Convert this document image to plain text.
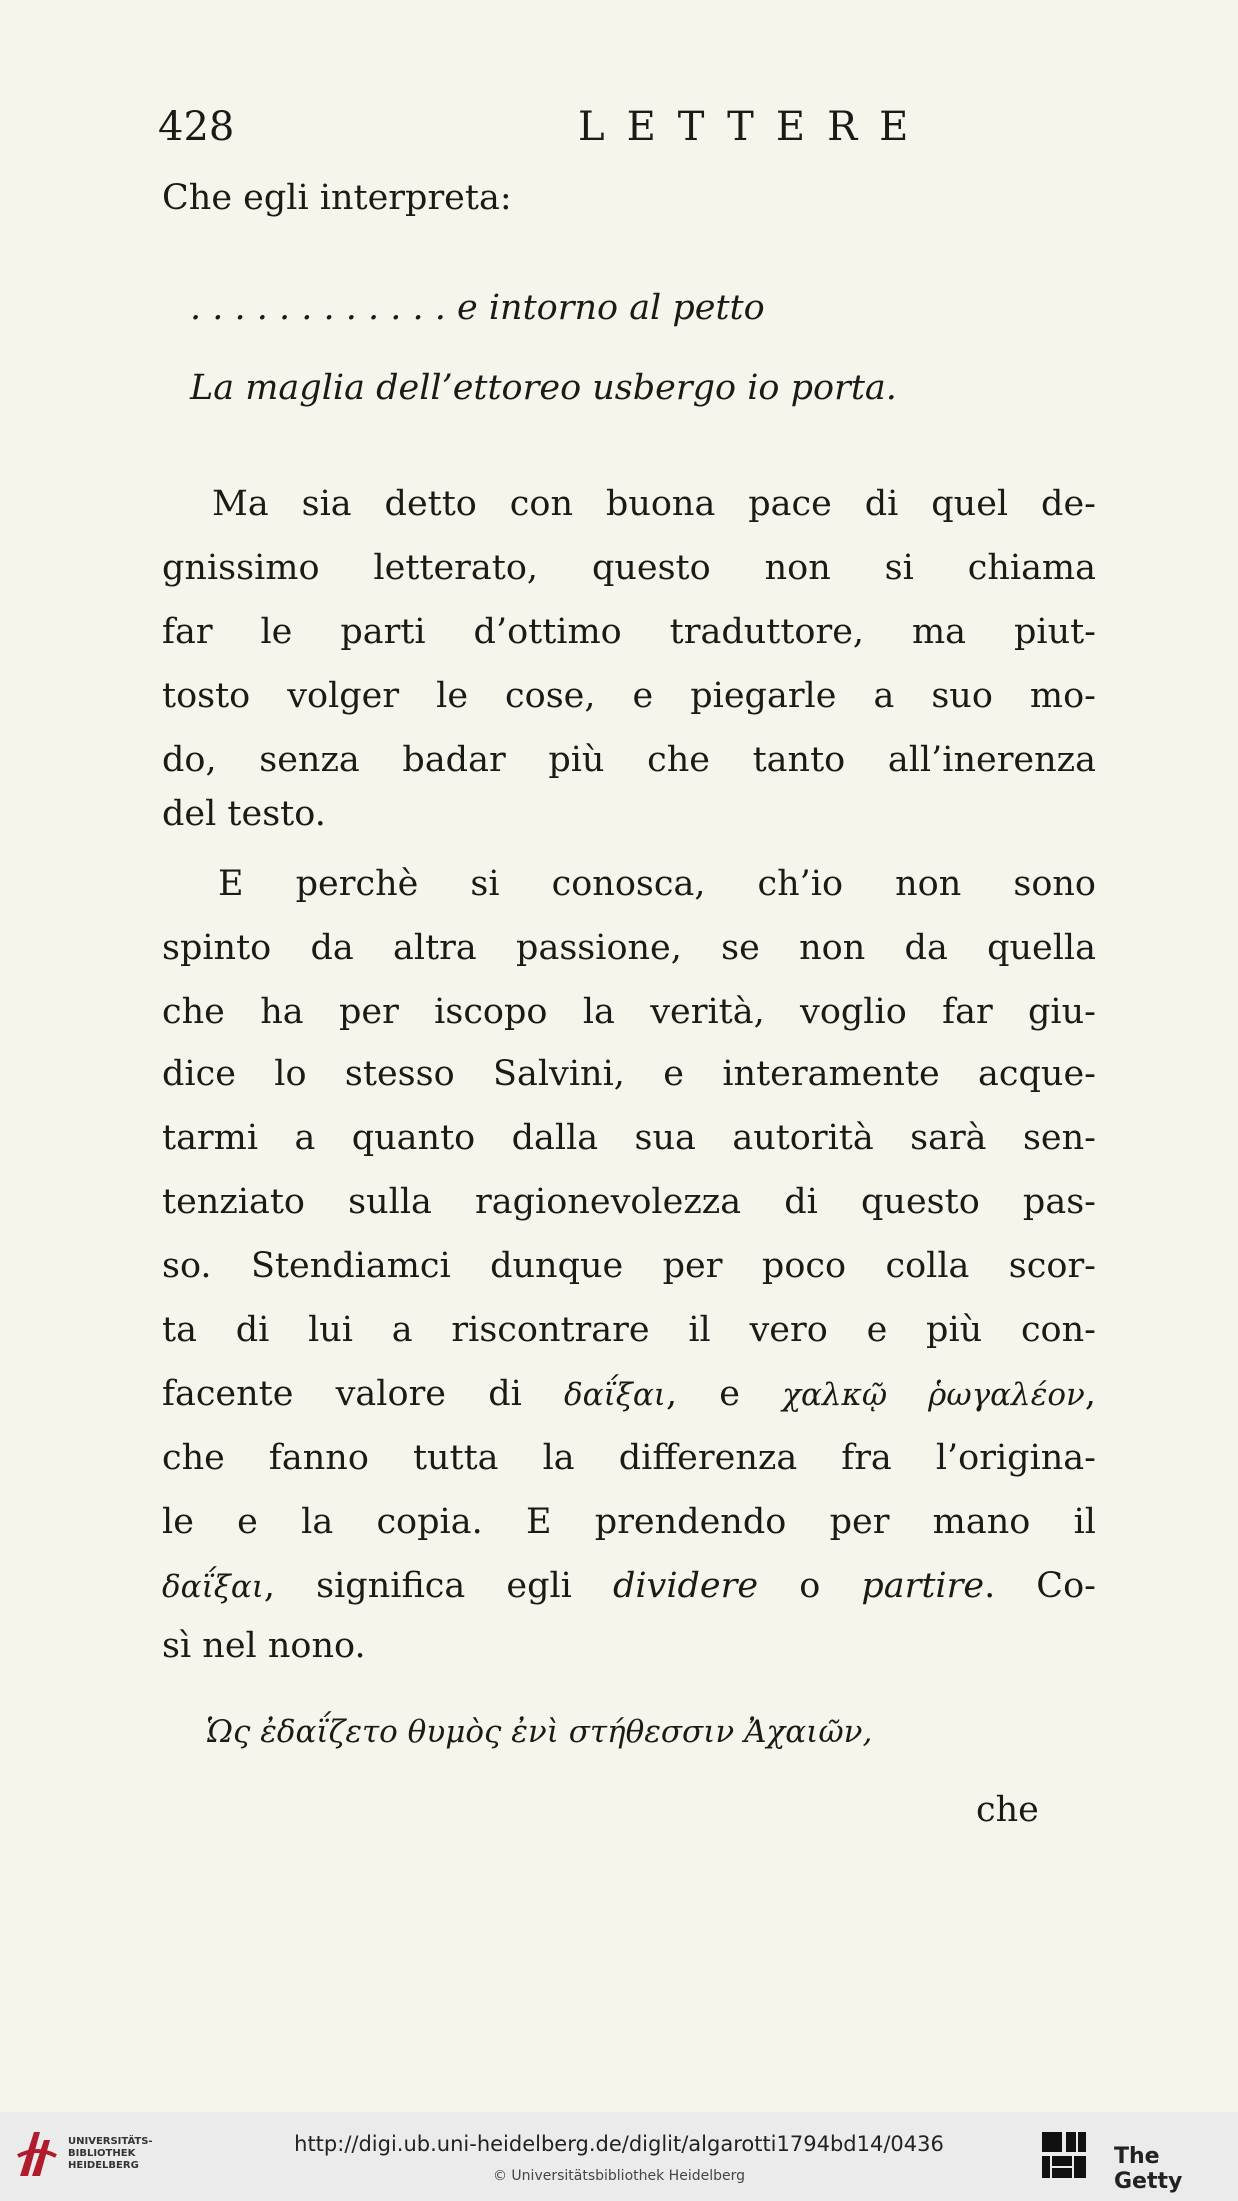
428	LETTERE
Che egli interpreta:
. . . . . . . . . . . . e intorno al petto
La maglia dell’ettoreo usbergo io porta.
Ma sia detto con buona pace di quel de-
gnissimo letterato, questo non si chiama
far le parti d’ottimo traduttore, ma piut-
tosto volger le cose, e piegarle a suo mo-
do, senza badar più che tanto all’inerenza
del testo.
E perchè si conosca, ch’io non sono
spinto da altra passione, se non da quella
che ha per iscopo la verità, voglio far giu-
dice lo stesso Salvini, e interamente acque-
tarmi a quanto dalla sua autorità sarà sen-
tenziato sulla ragionevolezza di questo pas-
so. Stendiamci dunque per poco colla scor-
ta di lui a riscontrare il vero e più con-
facente valore di δαΐξαι, e χαλκῷ ῥωγαλέον,
che fanno tutta la differenza fra l’origina-
le e la copia. E prendendo per mano il
δαΐξαι, significa egli dividere o partire. Co-
sì nel nono.
Ὡς ἐδαΐζετο θυμὸς ἐνὶ στήθεσσιν Ἀχαιῶν,
che
UNIVERSITÄTS-
BIBLIOTHEK
HEIDELBERG
http://digi.ub.uni-heidelberg.de/diglit/algarotti1794bd14/0436
© Universitätsbibliothek Heidelberg
The Getty
